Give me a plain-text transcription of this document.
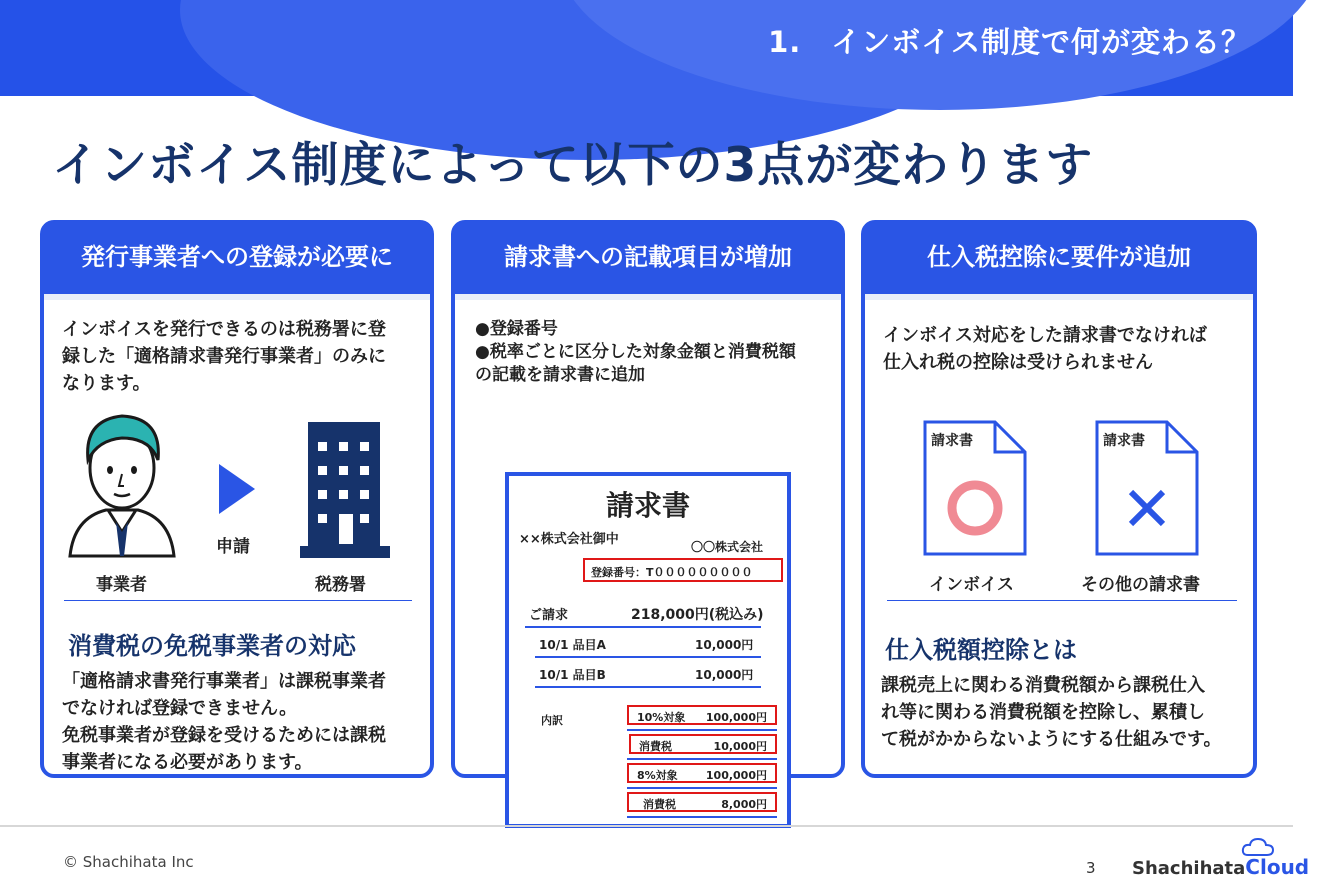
1.　インボイス制度で何が変わる？
インボイス制度によって以下の3点が変わります
発行事業者への登録が必要に
インボイスを発行できるのは税務署に登
録した「適格請求書発行事業者」のみに
なります。
事業者
申請
税務署
消費税の免税事業者の対応
「適格請求書発行事業者」は課税事業者
でなければ登録できません。
免税事業者が登録を受けるためには課税
事業者になる必要があります。
請求書への記載項目が増加
●登録番号
●税率ごとに区分した対象金額と消費税額
の記載を請求書に追加
請求書
××株式会社御中	〇〇株式会社
登録番号：T０００００００００
ご請求	218,000円(税込み)
10/1 品目A	10,000円
10/1 品目B	10,000円
内訳	10%対象 100,000円
消費税	10,000円
8%対象	100,000円
消費税	8,000円
仕入税控除に要件が追加
インボイス対応をした請求書でなければ
仕入れ税の控除は受けられません
請求書
インボイス
請求書
その他の請求書
仕入税額控除とは
課税売上に関わる消費税額から課税仕入
れ等に関わる消費税額を控除し、累積し
て税がかからないようにする仕組みです。
© Shachihata Inc	3 ShachihataCloud
